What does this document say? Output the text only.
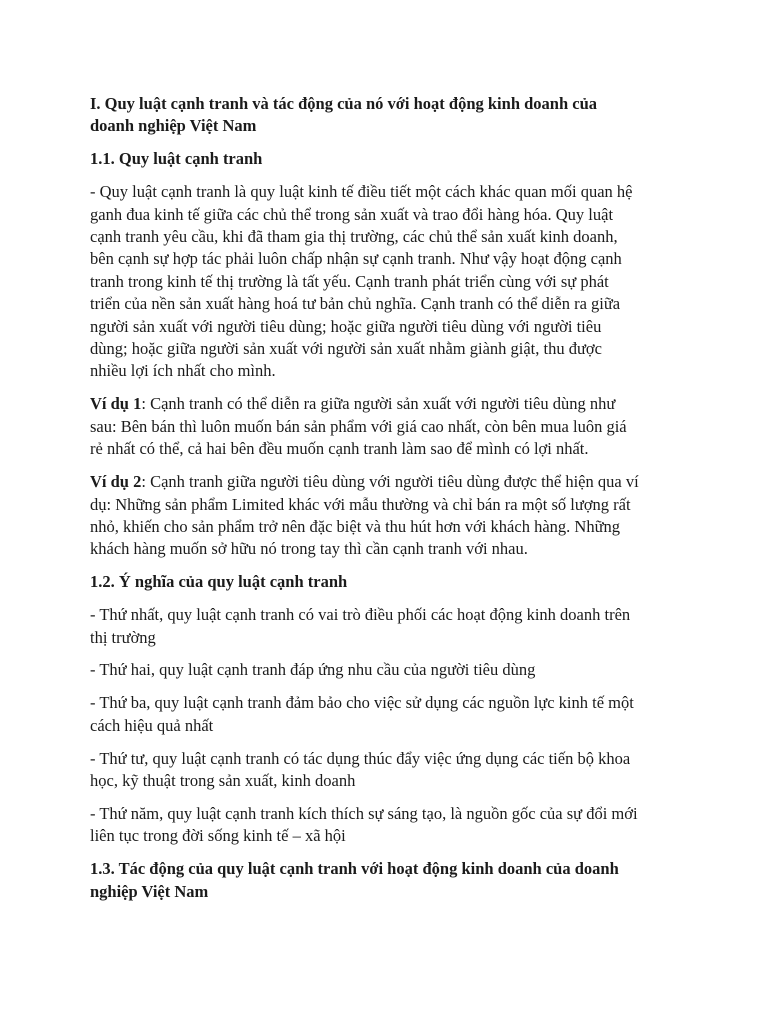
I. Quy luật cạnh tranh và tác động của nó với hoạt động kinh doanh của
doanh nghiệp Việt Nam
1.1. Quy luật cạnh tranh
- Quy luật cạnh tranh là quy luật kinh tế điều tiết một cách khác quan mối quan hệ
ganh đua kinh tế giữa các chủ thể trong sản xuất và trao đổi hàng hóa. Quy luật
cạnh tranh yêu cầu, khi đã tham gia thị trường, các chủ thể sản xuất kinh doanh,
bên cạnh sự hợp tác phải luôn chấp nhận sự cạnh tranh. Như vậy hoạt động cạnh
tranh trong kinh tế thị trường là tất yếu. Cạnh tranh phát triển cùng với sự phát
triển của nền sản xuất hàng hoá tư bản chủ nghĩa. Cạnh tranh có thể diễn ra giữa
người sản xuất với người tiêu dùng; hoặc giữa người tiêu dùng với người tiêu
dùng; hoặc giữa người sản xuất với người sản xuất nhằm giành giật, thu được
nhiều lợi ích nhất cho mình.
Ví dụ 1: Cạnh tranh có thể diễn ra giữa người sản xuất với người tiêu dùng như
sau: Bên bán thì luôn muốn bán sản phẩm với giá cao nhất, còn bên mua luôn giá
rẻ nhất có thể, cả hai bên đều muốn cạnh tranh làm sao để mình có lợi nhất.
Ví dụ 2: Cạnh tranh giữa người tiêu dùng với người tiêu dùng được thể hiện qua ví
dụ: Những sản phẩm Limited khác với mẫu thường và chỉ bán ra một số lượng rất
nhỏ, khiến cho sản phẩm trở nên đặc biệt và thu hút hơn với khách hàng. Những
khách hàng muốn sở hữu nó trong tay thì cần cạnh tranh với nhau.
1.2. Ý nghĩa của quy luật cạnh tranh
- Thứ nhất, quy luật cạnh tranh có vai trò điều phối các hoạt động kinh doanh trên
thị trường
- Thứ hai, quy luật cạnh tranh đáp ứng nhu cầu của người tiêu dùng
- Thứ ba, quy luật cạnh tranh đảm bảo cho việc sử dụng các nguồn lực kinh tế một
cách hiệu quả nhất
- Thứ tư, quy luật cạnh tranh có tác dụng thúc đẩy việc ứng dụng các tiến bộ khoa
học, kỹ thuật trong sản xuất, kinh doanh
- Thứ năm, quy luật cạnh tranh kích thích sự sáng tạo, là nguồn gốc của sự đổi mới
liên tục trong đời sống kinh tế – xã hội
1.3. Tác động của quy luật cạnh tranh với hoạt động kinh doanh của doanh
nghiệp Việt Nam
